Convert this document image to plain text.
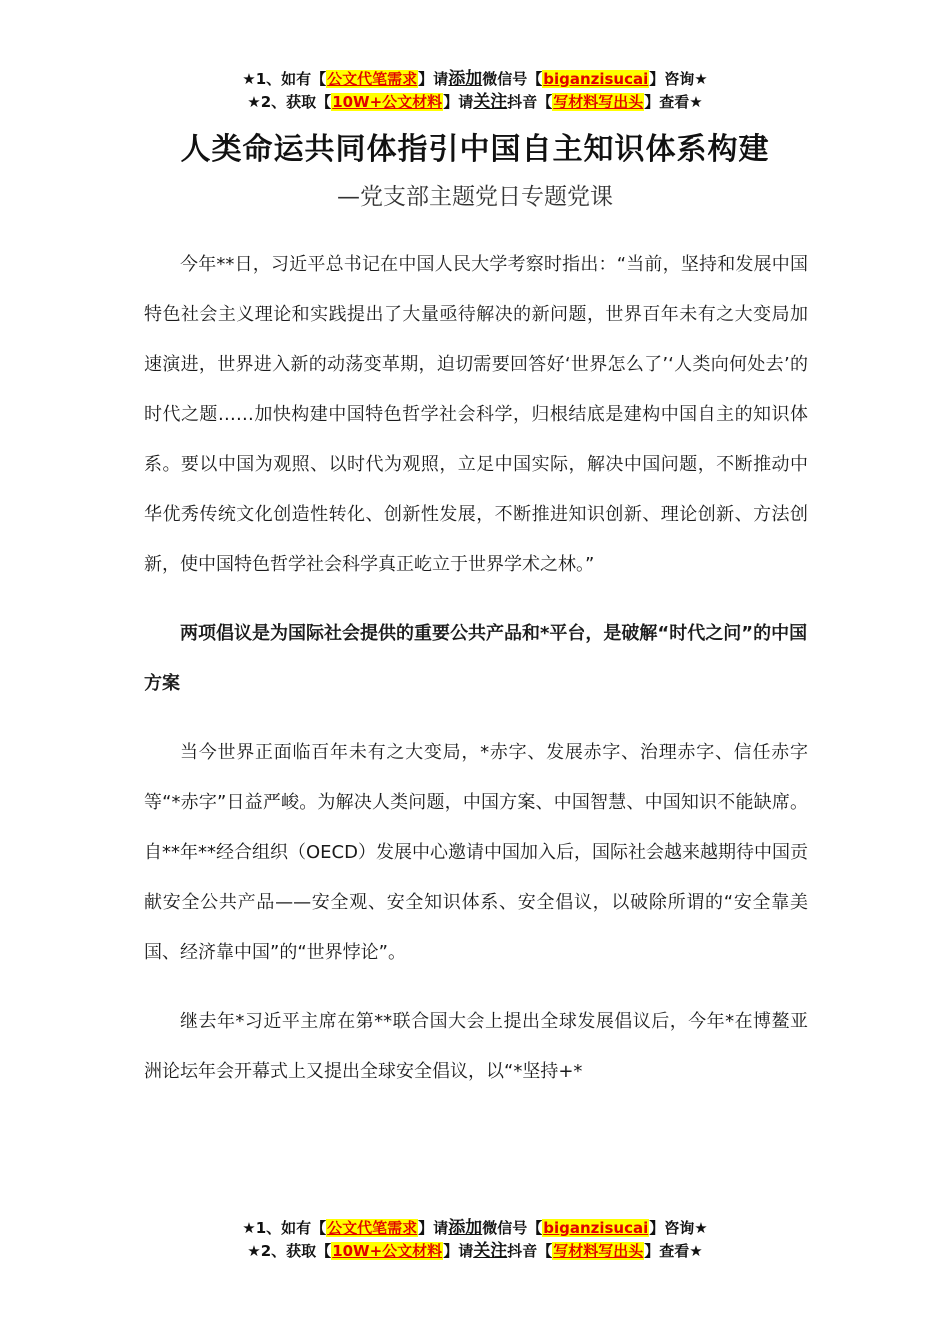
★1、如有【公文代笔需求】请添加微信号【biganzisucai】咨询★
★2、获取【10W+公文材料】请关注抖音【写材料写出头】查看★
人类命运共同体指引中国自主知识体系构建
—党支部主题党日专题党课

今年**日，习近平总书记在中国人民大学考察时指出：“当前，坚持和发展中国特色社会主义理论和实践提出了大量亟待解决的新问题，世界百年未有之大变局加速演进，世界进入新的动荡变革期，迫切需要回答好‘世界怎么了’‘人类向何处去’的时代之题……加快构建中国特色哲学社会科学，归根结底是建构中国自主的知识体系。要以中国为观照、以时代为观照，立足中国实际，解决中国问题，不断推动中华优秀传统文化创造性转化、创新性发展，不断推进知识创新、理论创新、方法创新，使中国特色哲学社会科学真正屹立于世界学术之林。”

两项倡议是为国际社会提供的重要公共产品和*平台，是破解“时代之问”的中国方案

当今世界正面临百年未有之大变局，*赤字、发展赤字、治理赤字、信任赤字等“*赤字”日益严峻。为解决人类问题，中国方案、中国智慧、中国知识不能缺席。自**年**经合组织（OECD）发展中心邀请中国加入后，国际社会越来越期待中国贡献安全公共产品——安全观、安全知识体系、安全倡议，以破除所谓的“安全靠美国、经济靠中国”的“世界悖论”。

继去年*习近平主席在第**联合国大会上提出全球发展倡议后，今年*在博鳌亚洲论坛年会开幕式上又提出全球安全倡议，以“*坚持+*

★1、如有【公文代笔需求】请添加微信号【biganzisucai】咨询★
★2、获取【10W+公文材料】请关注抖音【写材料写出头】查看★
